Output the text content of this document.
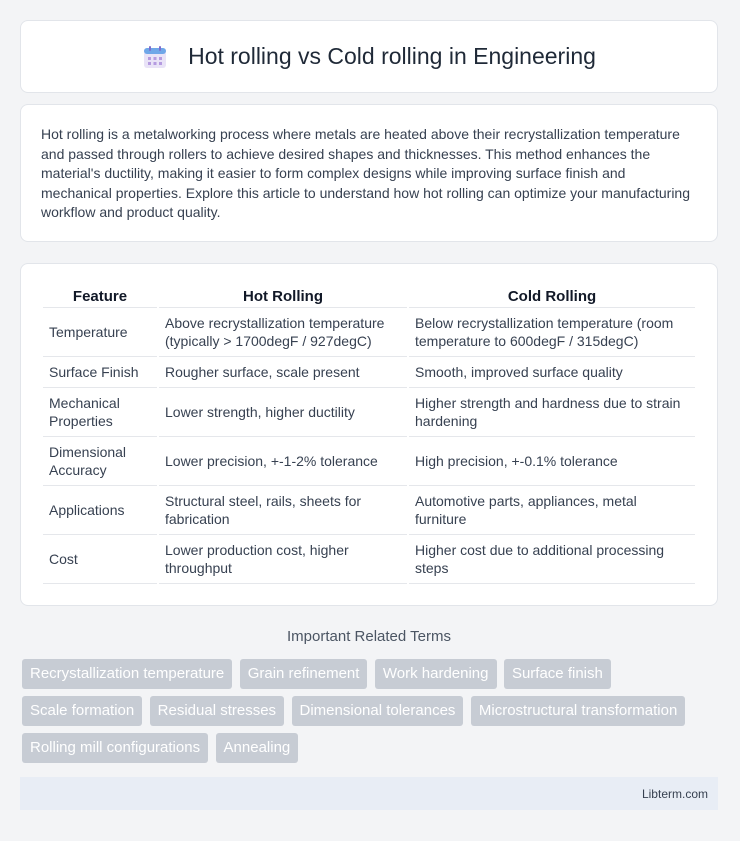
Hot rolling vs Cold rolling in Engineering

Hot rolling is a metalworking process where metals are heated above their recrystallization temperature and passed through rollers to achieve desired shapes and thicknesses. This method enhances the material's ductility, making it easier to form complex designs while improving surface finish and mechanical properties. Explore this article to understand how hot rolling can optimize your manufacturing workflow and product quality.

Feature	Hot Rolling	Cold Rolling
Temperature	Above recrystallization temperature (typically > 1700degF / 927degC)	Below recrystallization temperature (room temperature to 600degF / 315degC)
Surface Finish	Rougher surface, scale present	Smooth, improved surface quality
Mechanical Properties	Lower strength, higher ductility	Higher strength and hardness due to strain hardening
Dimensional Accuracy	Lower precision, +-1-2% tolerance	High precision, +-0.1% tolerance
Applications	Structural steel, rails, sheets for fabrication	Automotive parts, appliances, metal furniture
Cost	Lower production cost, higher throughput	Higher cost due to additional processing steps
Important Related Terms
Recrystallization temperature Grain refinement Work hardening Surface finish Scale formation Residual stresses Dimensional tolerances Microstructural transformation Rolling mill configurations Annealing
Libterm.com
